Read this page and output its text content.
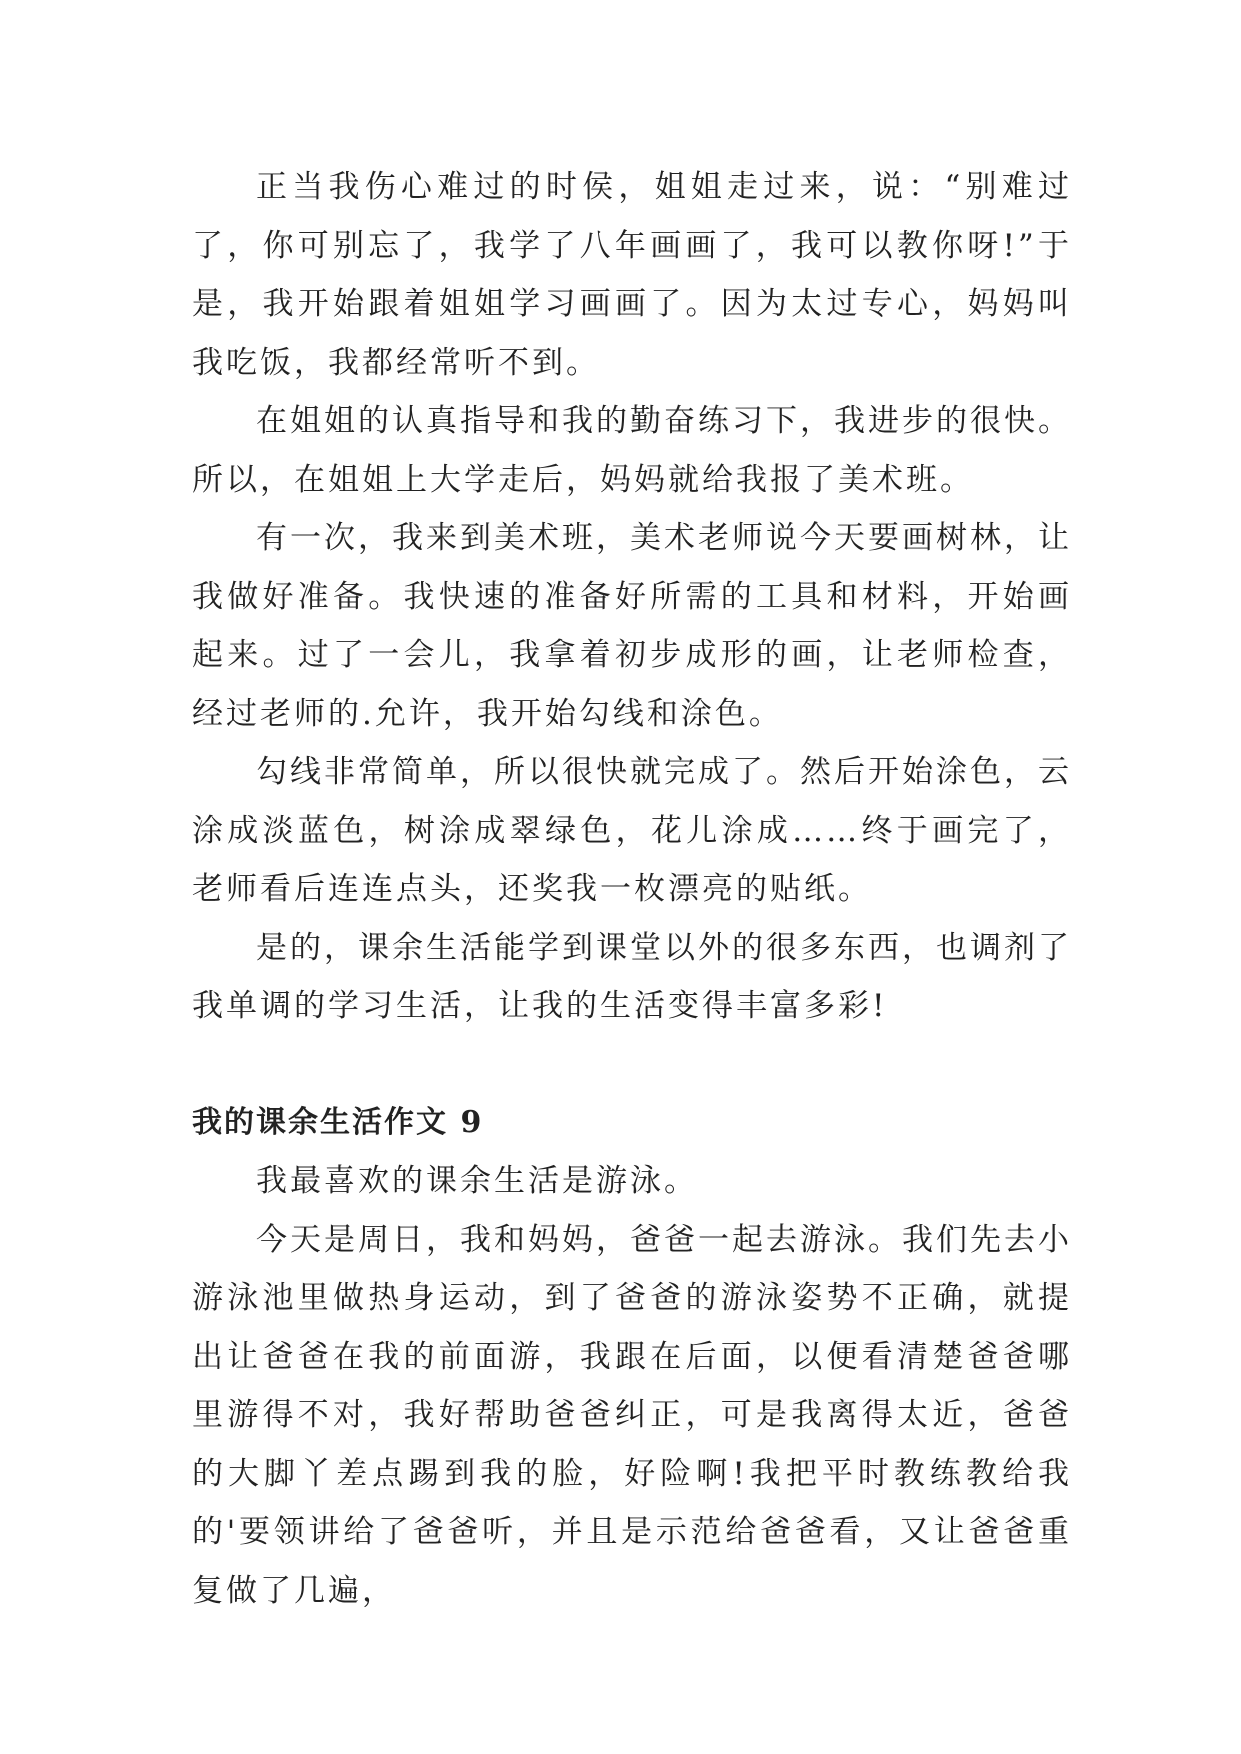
正当我伤心难过的时侯，姐姐走过来，说：“别难过了，你可别忘了，我学了八年画画了，我可以教你呀!”于是，我开始跟着姐姐学习画画了。因为太过专心，妈妈叫我吃饭，我都经常听不到。

在姐姐的认真指导和我的勤奋练习下，我进步的很快。所以，在姐姐上大学走后，妈妈就给我报了美术班。

有一次，我来到美术班，美术老师说今天要画树林，让我做好准备。我快速的准备好所需的工具和材料，开始画起来。过了一会儿，我拿着初步成形的画，让老师检查，经过老师的.允许，我开始勾线和涂色。

勾线非常简单，所以很快就完成了。然后开始涂色，云涂成淡蓝色，树涂成翠绿色，花儿涂成……终于画完了，老师看后连连点头，还奖我一枚漂亮的贴纸。

是的，课余生活能学到课堂以外的很多东西，也调剂了我单调的学习生活，让我的生活变得丰富多彩!

我的课余生活作文 9

我最喜欢的课余生活是游泳。

今天是周日，我和妈妈，爸爸一起去游泳。我们先去小游泳池里做热身运动，到了爸爸的游泳姿势不正确，就提出让爸爸在我的前面游，我跟在后面，以便看清楚爸爸哪里游得不对，我好帮助爸爸纠正，可是我离得太近，爸爸的大脚丫差点踢到我的脸，好险啊!我把平时教练教给我的'要领讲给了爸爸听，并且是示范给爸爸看，又让爸爸重复做了几遍，
